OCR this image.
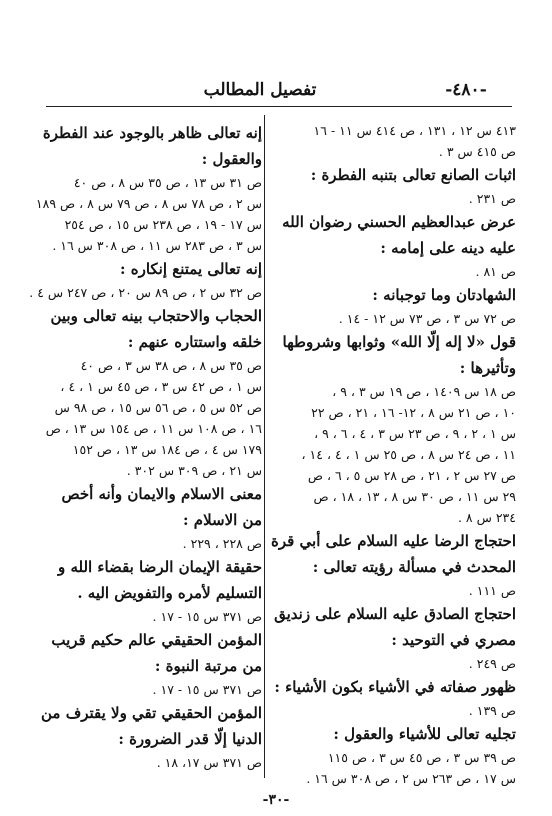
-٤٨٠-
تفصيل المطالب
٤١٣ س ١٢ ، ١٣١ ، ص ٤١٤ س ١١ - ١٦
ص ٤١٥ س ٣ .
اثبات الصانع تعالى بتنبه الفطرة :
ص ٢٣١ .
عرض عبدالعظيم الحسني رضوان الله
عليه دينه على إمامه :
ص ٨١ .
الشهادتان وما توجبانه :
ص ٧٢ س ٣ ، ص ٧٣ س ١٢ - ١٤ .
قول «لا إله إلّا الله» وثوابها وشروطها
وتأثيرها :
ص ١٨ س ١٤٠٩ ، ص ١٩ س ٣ ، ٩ ،
١٠ ، ص ٢١ س ٨ ، ١٢- ١٦ ، ٢١ ، ص ٢٢
س ١ ، ٢ ، ٩ ، ص ٢٣ س ٣ ، ٤ ، ٦ ، ٩ ،
١١ ، ص ٢٤ س ٨ ، ص ٢٥ س ١ ، ٤ ، ١٤ ،
ص ٢٧ س ٢ ، ٢١ ، ص ٢٨ س ٥ ، ٦ ، ص
٢٩ س ١١ ، ص ٣٠ س ٨ ، ١٣ ، ١٨ ، ص
٢٣٤ س ٨ .
احتجاج الرضا عليه السلام على أبي قرة
المحدث في مسألة رؤيته تعالى :
ص ١١١ .
احتجاج الصادق عليه السلام على زنديق
مصري في التوحيد :
ص ٢٤٩ .
ظهور صفاته في الأشياء بكون الأشياء :
ص ١٣٩ .
تجليه تعالى للأشياء والعقول :
ص ٣٩ س ٣ ، ص ٤٥ س ٣ ، ص ١١٥
س ١٧ ، ص ٢٦٣ س ٢ ، ص ٣٠٨ س ١٦ .
إنه تعالى ظاهر بالوجود عند الفطرة
والعقول :
ص ٣١ س ١٣ ، ص ٣٥ س ٨ ، ص ٤٠
س ٢ ، ص ٧٨ س ٨ ، ص ٧٩ س ٨ ، ص ١٨٩
س ١٧ - ١٩ ، ص ٢٣٨ س ١٥ ، ص ٢٥٤
س ٣ ، ص ٢٨٣ س ١١ ، ص ٣٠٨ س ١٦ .
إنه تعالى يمتنع إنكاره :
ص ٣٢ س ٢ ، ص ٨٩ س ٢٠ ، ص ٢٤٧ س ٤ .
الحجاب والاحتجاب بينه تعالى وبين
خلقه واستتاره عنهم :
ص ٣٥ س ٨ ، ص ٣٨ س ٣ ، ص ٤٠
س ١ ، ص ٤٢ س ٣ ، ص ٤٥ س ١ ، ٤ ،
ص ٥٢ س ٥ ، ص ٥٦ س ١٥ ، ص ٩٨ س
١٦ ، ص ١٠٨ س ١١ ، ص ١٥٤ س ١٣ ، ص
١٧٩ س ٤ ، ص ١٨٤ س ١٣ ، ص ١٥٢
س ٢١ ، ص ٣٠٩ س ٣٠٢ .
معنى الاسلام والايمان وأنه أخص
من الاسلام :
ص ٢٢٨ ، ٢٢٩ .
حقيقة الإيمان الرضا بقضاء الله و
التسليم لأمره والتفويض اليه .
ص ٣٧١ س ١٥ - ١٧ .
المؤمن الحقيقي عالم حكيم قريب
من مرتبة النبوة :
ص ٣٧١ س ١٥ - ١٧ .
المؤمن الحقيقي تقي ولا يقترف من
الدنيا إلّا قدر الضرورة :
ص ٣٧١ س ١٧، ١٨ .
-٣٠-
